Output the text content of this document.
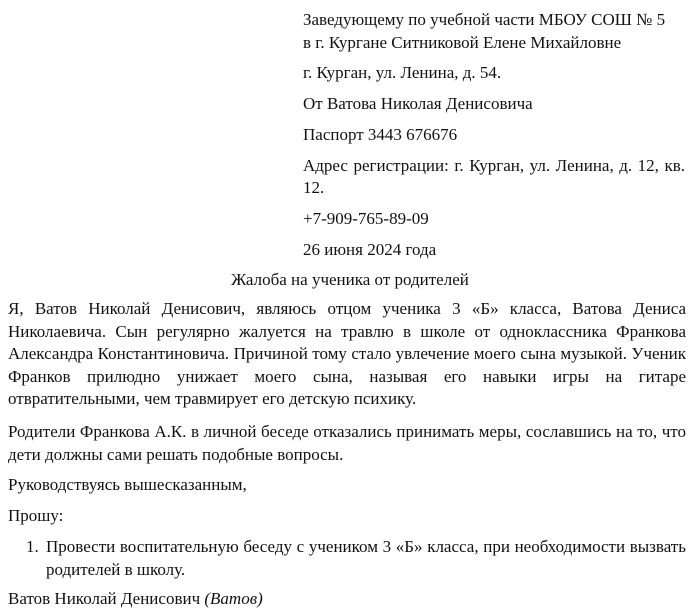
Заведующему по учебной части МБОУ СОШ № 5

в г. Кургане Ситниковой Елене Михайловне

г. Курган, ул. Ленина, д. 54.

От Ватова Николая Денисовича

Паспорт 3443 676676

Адрес регистрации: г. Курган, ул. Ленина, д. 12, кв. 12.

+7-909-765-89-09

26 июня 2024 года

Жалоба на ученика от родителей

Я, Ватов Николай Денисович, являюсь отцом ученика 3 «Б» класса, Ватова Дениса Николаевича. Сын регулярно жалуется на травлю в школе от одноклассника Франкова Александра Константиновича. Причиной тому стало увлечение моего сына музыкой. Ученик Франков прилюдно унижает моего сына, называя его навыки игры на гитаре отвратительными, чем травмирует его детскую психику.

Родители Франкова А.К. в личной беседе отказались принимать меры, сославшись на то, что дети должны сами решать подобные вопросы.

Руководствуясь вышесказанным,

Прошу:

1. Провести воспитательную беседу с учеником 3 «Б» класса, при необходимости вызвать родителей в школу.

Ватов Николай Денисович (Ватов)
